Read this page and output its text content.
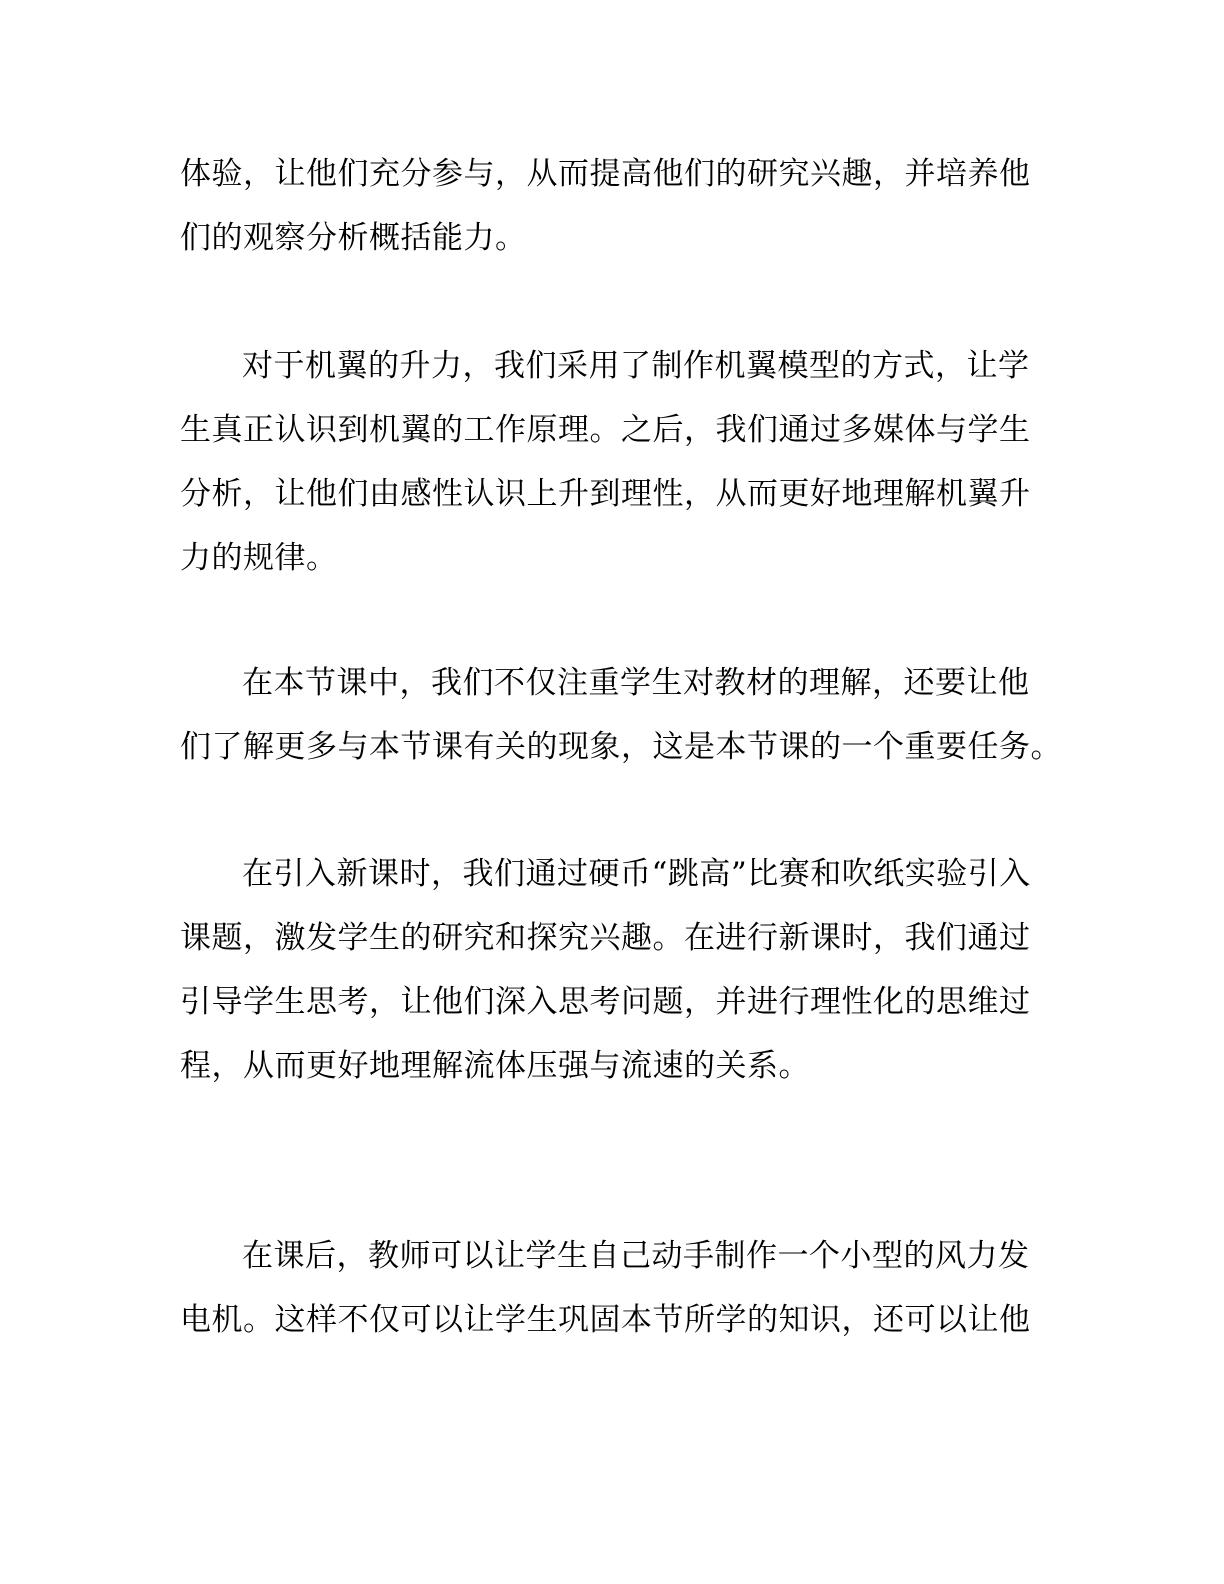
体验，让他们充分参与，从而提高他们的研究兴趣，并培养他
们的观察分析概括能力。

对于机翼的升力，我们采用了制作机翼模型的方式，让学
生真正认识到机翼的工作原理。之后，我们通过多媒体与学生
分析，让他们由感性认识上升到理性，从而更好地理解机翼升
力的规律。

在本节课中，我们不仅注重学生对教材的理解，还要让他
们了解更多与本节课有关的现象，这是本节课的一个重要任务。

在引入新课时，我们通过硬币“跳高”比赛和吹纸实验引入
课题，激发学生的研究和探究兴趣。在进行新课时，我们通过
引导学生思考，让他们深入思考问题，并进行理性化的思维过
程，从而更好地理解流体压强与流速的关系。

在课后，教师可以让学生自己动手制作一个小型的风力发
电机。这样不仅可以让学生巩固本节所学的知识，还可以让他
